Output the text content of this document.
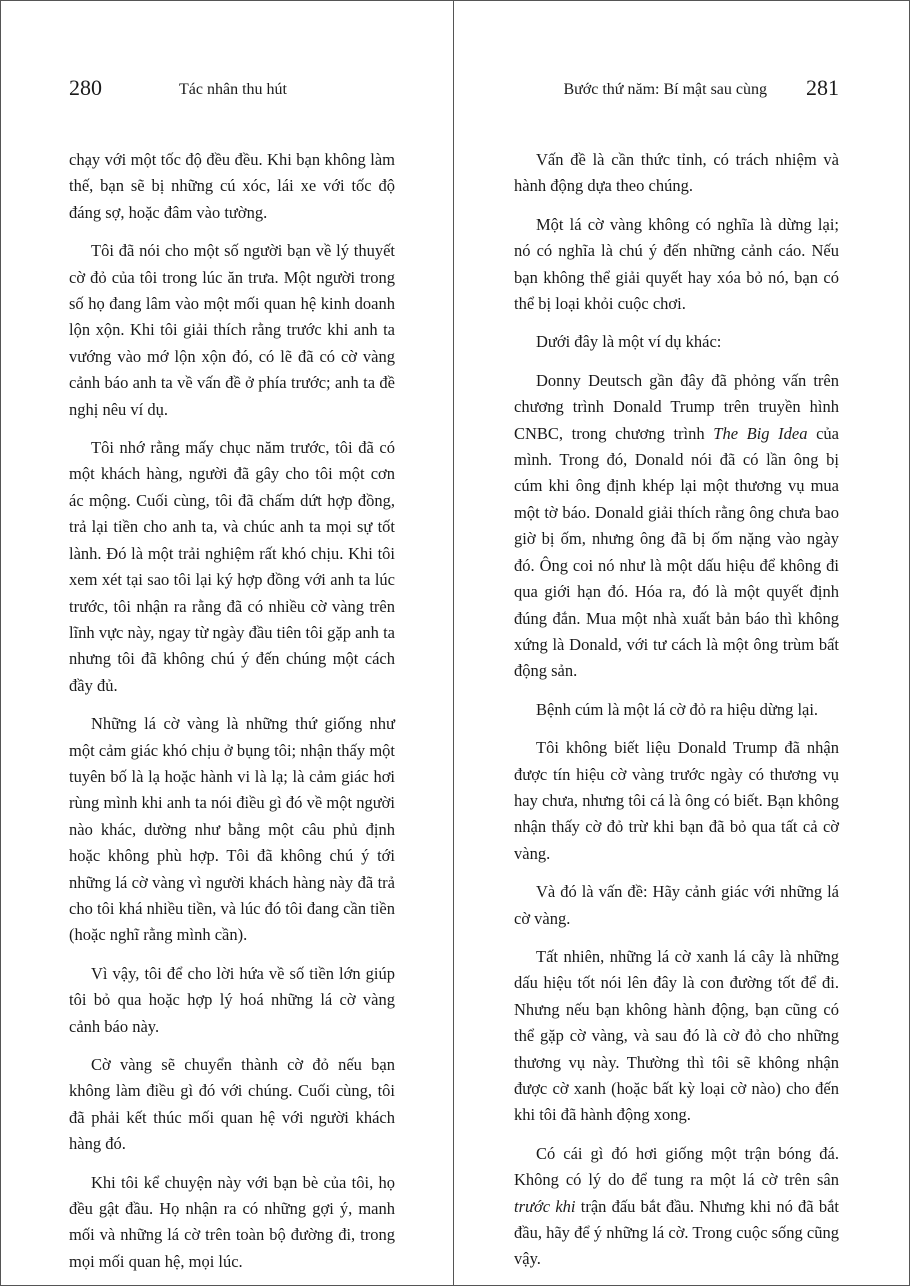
280	Tác nhân thu hút

chạy với một tốc độ đều đều. Khi bạn không làm thế, bạn sẽ bị những cú xóc, lái xe với tốc độ đáng sợ, hoặc đâm vào tường.

Tôi đã nói cho một số người bạn về lý thuyết cờ đỏ của tôi trong lúc ăn trưa. Một người trong số họ đang lâm vào một mối quan hệ kinh doanh lộn xộn. Khi tôi giải thích rằng trước khi anh ta vướng vào mớ lộn xộn đó, có lẽ đã có cờ vàng cảnh báo anh ta về vấn đề ở phía trước; anh ta đề nghị nêu ví dụ.

Tôi nhớ rằng mấy chục năm trước, tôi đã có một khách hàng, người đã gây cho tôi một cơn ác mộng. Cuối cùng, tôi đã chấm dứt hợp đồng, trả lại tiền cho anh ta, và chúc anh ta mọi sự tốt lành. Đó là một trải nghiệm rất khó chịu. Khi tôi xem xét tại sao tôi lại ký hợp đồng với anh ta lúc trước, tôi nhận ra rằng đã có nhiều cờ vàng trên lĩnh vực này, ngay từ ngày đầu tiên tôi gặp anh ta nhưng tôi đã không chú ý đến chúng một cách đầy đủ.

Những lá cờ vàng là những thứ giống như một cảm giác khó chịu ở bụng tôi; nhận thấy một tuyên bố là lạ hoặc hành vi là lạ; là cảm giác hơi rùng mình khi anh ta nói điều gì đó về một người nào khác, dường như bằng một câu phủ định hoặc không phù hợp. Tôi đã không chú ý tới những lá cờ vàng vì người khách hàng này đã trả cho tôi khá nhiều tiền, và lúc đó tôi đang cần tiền (hoặc nghĩ rằng mình cần).

Vì vậy, tôi để cho lời hứa về số tiền lớn giúp tôi bỏ qua hoặc hợp lý hoá những lá cờ vàng cảnh báo này.

Cờ vàng sẽ chuyển thành cờ đỏ nếu bạn không làm điều gì đó với chúng. Cuối cùng, tôi đã phải kết thúc mối quan hệ với người khách hàng đó.

Khi tôi kể chuyện này với bạn bè của tôi, họ đều gật đầu. Họ nhận ra có những gợi ý, manh mối và những lá cờ trên toàn bộ đường đi, trong mọi mối quan hệ, mọi lúc.

Bước thứ năm: Bí mật sau cùng 281

Vấn đề là cần thức tỉnh, có trách nhiệm và hành động dựa theo chúng.

Một lá cờ vàng không có nghĩa là dừng lại; nó có nghĩa là chú ý đến những cảnh cáo. Nếu bạn không thể giải quyết hay xóa bỏ nó, bạn có thể bị loại khỏi cuộc chơi.

Dưới đây là một ví dụ khác:

Donny Deutsch gần đây đã phỏng vấn trên chương trình Donald Trump trên truyền hình CNBC, trong chương trình The Big Idea của mình. Trong đó, Donald nói đã có lần ông bị cúm khi ông định khép lại một thương vụ mua một tờ báo. Donald giải thích rằng ông chưa bao giờ bị ốm, nhưng ông đã bị ốm nặng vào ngày đó. Ông coi nó như là một dấu hiệu để không đi qua giới hạn đó. Hóa ra, đó là một quyết định đúng đắn. Mua một nhà xuất bản báo thì không xứng là Donald, với tư cách là một ông trùm bất động sản.

Bệnh cúm là một lá cờ đỏ ra hiệu dừng lại.

Tôi không biết liệu Donald Trump đã nhận được tín hiệu cờ vàng trước ngày có thương vụ hay chưa, nhưng tôi cá là ông có biết. Bạn không nhận thấy cờ đỏ trừ khi bạn đã bỏ qua tất cả cờ vàng.

Và đó là vấn đề: Hãy cảnh giác với những lá cờ vàng.

Tất nhiên, những lá cờ xanh lá cây là những dấu hiệu tốt nói lên đây là con đường tốt để đi. Nhưng nếu bạn không hành động, bạn cũng có thể gặp cờ vàng, và sau đó là cờ đỏ cho những thương vụ này. Thường thì tôi sẽ không nhận được cờ xanh (hoặc bất kỳ loại cờ nào) cho đến khi tôi đã hành động xong.

Có cái gì đó hơi giống một trận bóng đá. Không có lý do để tung ra một lá cờ trên sân trước khi trận đấu bắt đầu. Nhưng khi nó đã bắt đầu, hãy để ý những lá cờ. Trong cuộc sống cũng vậy.
